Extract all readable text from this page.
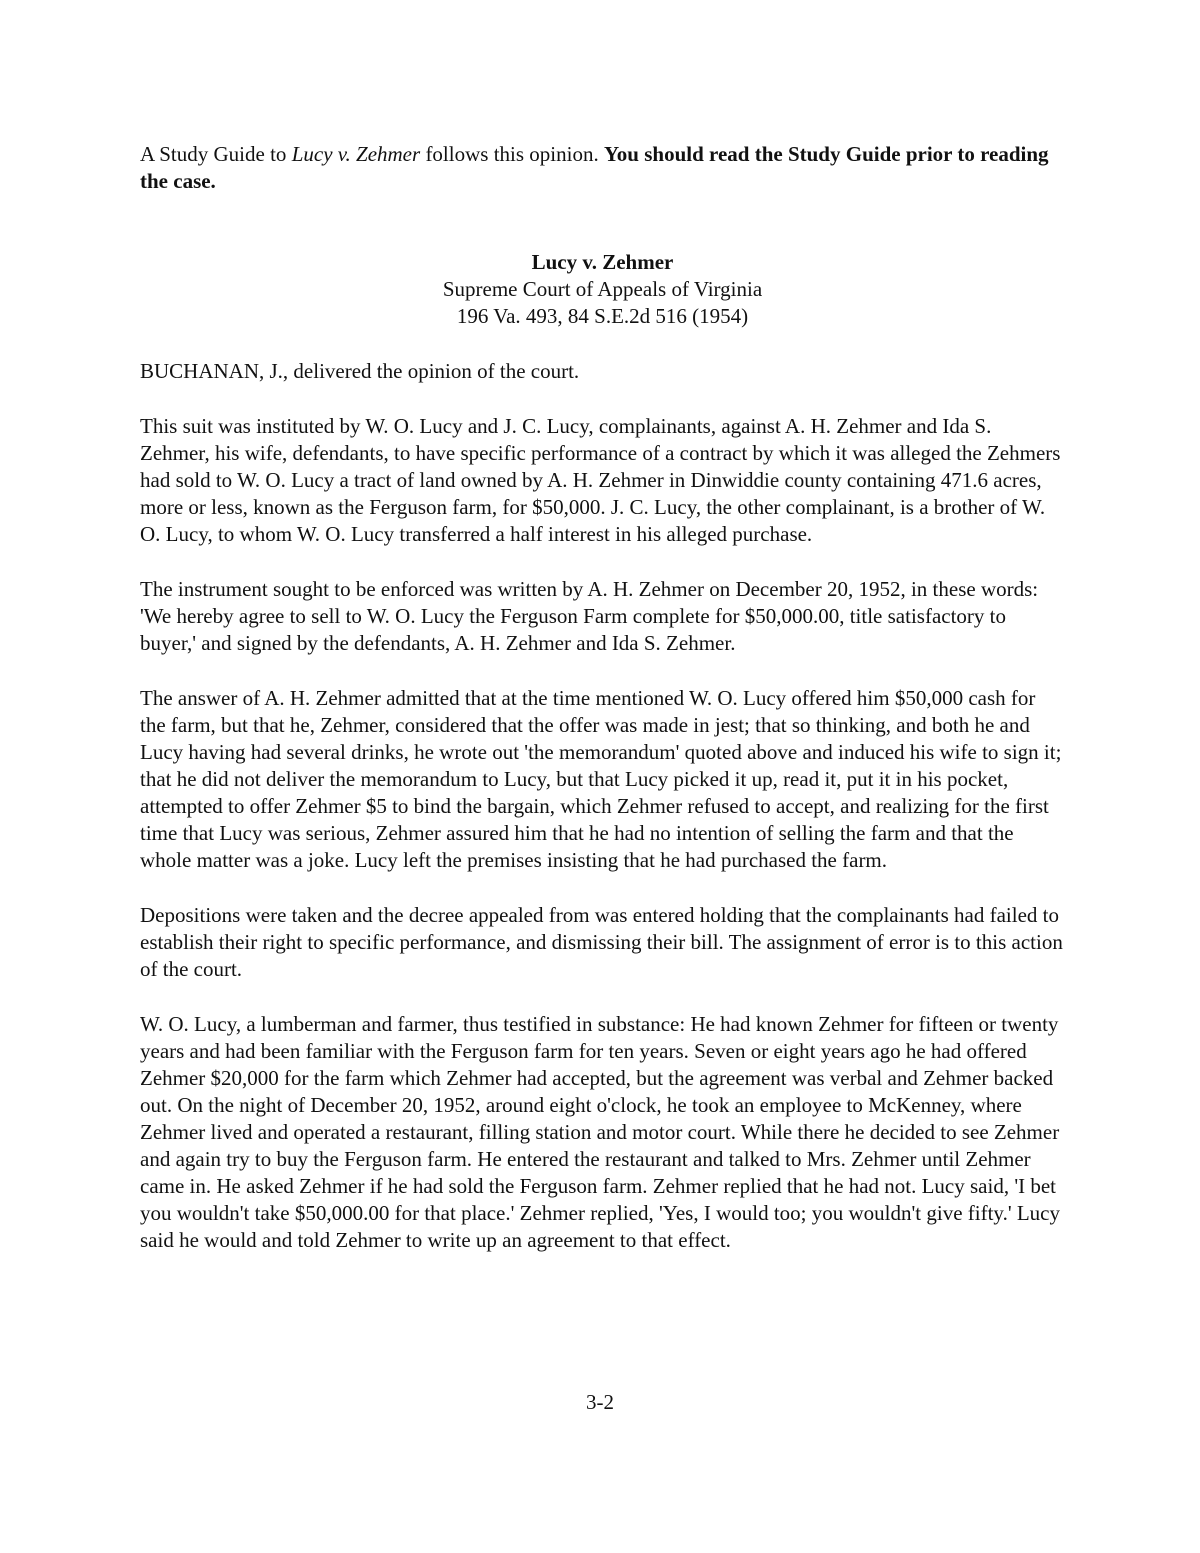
A Study Guide to Lucy v. Zehmer follows this opinion. You should read the Study Guide prior to reading the case.

Lucy v. Zehmer

Supreme Court of Appeals of Virginia

196 Va. 493, 84 S.E.2d 516 (1954)

BUCHANAN, J., delivered the opinion of the court.

This suit was instituted by W. O. Lucy and J. C. Lucy, complainants, against A. H. Zehmer and Ida S. Zehmer, his wife, defendants, to have specific performance of a contract by which it was alleged the Zehmers had sold to W. O. Lucy a tract of land owned by A. H. Zehmer in Dinwiddie county containing 471.6 acres, more or less, known as the Ferguson farm, for $50,000. J. C. Lucy, the other complainant, is a brother of W. O. Lucy, to whom W. O. Lucy transferred a half interest in his alleged purchase.

The instrument sought to be enforced was written by A. H. Zehmer on December 20, 1952, in these words: 'We hereby agree to sell to W. O. Lucy the Ferguson Farm complete for $50,000.00, title satisfactory to buyer,' and signed by the defendants, A. H. Zehmer and Ida S. Zehmer.

The answer of A. H. Zehmer admitted that at the time mentioned W. O. Lucy offered him $50,000 cash for the farm, but that he, Zehmer, considered that the offer was made in jest; that so thinking, and both he and Lucy having had several drinks, he wrote out 'the memorandum' quoted above and induced his wife to sign it; that he did not deliver the memorandum to Lucy, but that Lucy picked it up, read it, put it in his pocket, attempted to offer Zehmer $5 to bind the bargain, which Zehmer refused to accept, and realizing for the first time that Lucy was serious, Zehmer assured him that he had no intention of selling the farm and that the whole matter was a joke. Lucy left the premises insisting that he had purchased the farm.

Depositions were taken and the decree appealed from was entered holding that the complainants had failed to establish their right to specific performance, and dismissing their bill. The assignment of error is to this action of the court.

W. O. Lucy, a lumberman and farmer, thus testified in substance: He had known Zehmer for fifteen or twenty years and had been familiar with the Ferguson farm for ten years. Seven or eight years ago he had offered Zehmer $20,000 for the farm which Zehmer had accepted, but the agreement was verbal and Zehmer backed out. On the night of December 20, 1952, around eight o'clock, he took an employee to McKenney, where Zehmer lived and operated a restaurant, filling station and motor court. While there he decided to see Zehmer and again try to buy the Ferguson farm. He entered the restaurant and talked to Mrs. Zehmer until Zehmer came in. He asked Zehmer if he had sold the Ferguson farm. Zehmer replied that he had not. Lucy said, 'I bet you wouldn't take $50,000.00 for that place.' Zehmer replied, 'Yes, I would too; you wouldn't give fifty.' Lucy said he would and told Zehmer to write up an agreement to that effect.

3-2
